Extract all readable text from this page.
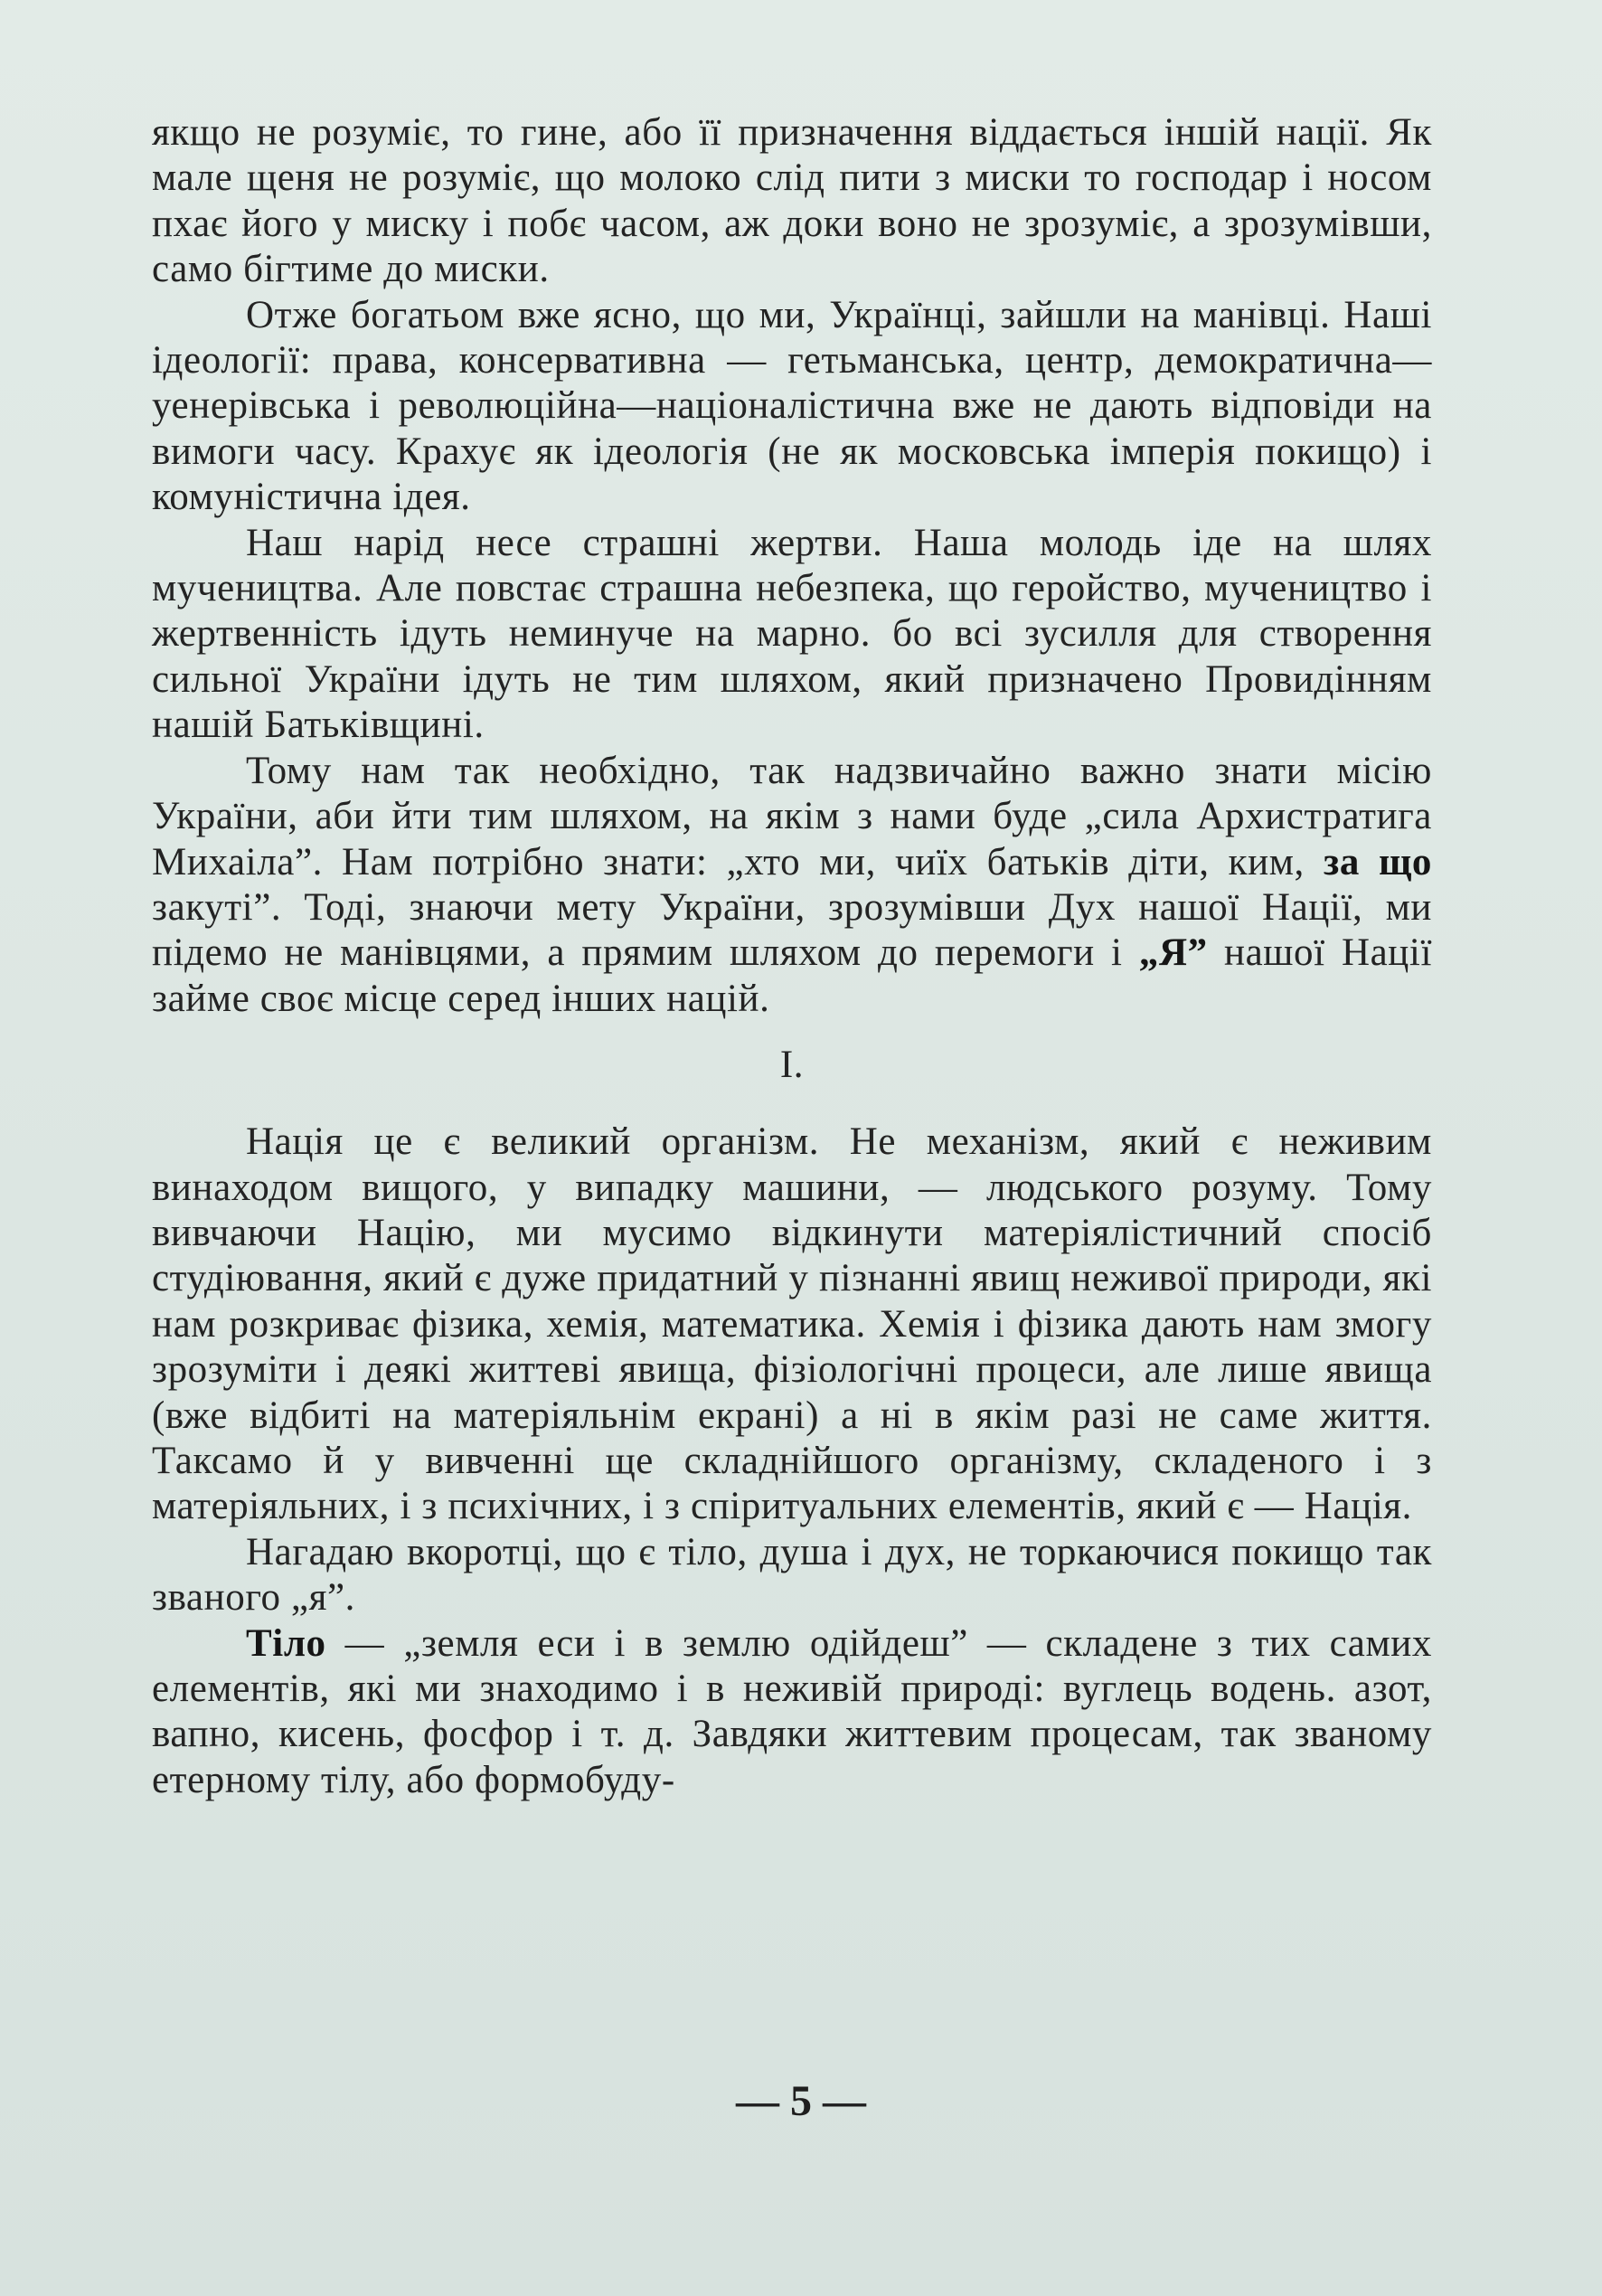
якщо не розуміє, то гине, або її призначення віддається іншій нації. Як мале щеня не розуміє, що молоко слід пити з миски то господар і носом пхає його у миску і побє часом, аж доки воно не зрозуміє, а зрозумівши, само бігтиме до миски.

Отже богатьом вже ясно, що ми, Українці, зайшли на манівці. Наші ідеології: права, консервативна — гетьманська, центр, демократична—уенерівська і революційна—націоналістична вже не дають відповіди на вимоги часу. Крахує як ідеологія (не як московська імперія покищо) і комуністична ідея.

Наш нарід несе страшні жертви. Наша молодь іде на шлях мучеництва. Але повстає страшна небезпека, що геройство, мучеництво і жертвенність ідуть неминуче на марно. бо всі зусилля для створення сильної України ідуть не тим шляхом, який призначено Провидінням нашій Батьківщині.

Тому нам так необхідно, так надзвичайно важно знати місію України, аби йти тим шляхом, на якім з нами буде „сила Архистратига Михаіла”. Нам потрібно знати: „хто ми, чиїх батьків діти, ким, за що закуті”. Тоді, знаючи мету України, зрозумівши Дух нашої Нації, ми підемо не манівцями, а прямим шляхом до перемоги і „Я” нашої Нації займе своє місце серед інших націй.

I.

Нація це є великий організм. Не механізм, який є неживим винаходом вищого, у випадку машини, — людського розуму. Тому вивчаючи Націю, ми мусимо відкинути матеріялістичний спосіб студіювання, який є дуже придатний у пізнанні явищ неживої природи, які нам розкриває фізика, хемія, математика. Хемія і фізика дають нам змогу зрозуміти і деякі життеві явища, фізіологічні процеси, але лише явища (вже відбиті на матеріяльнім екрані) а ні в якім разі не саме життя. Таксамо й у вивченні ще складнійшого організму, складеного і з матеріяльних, і з психічних, і з спіритуальних елементів, який є — Нація.

Нагадаю вкоротці, що є тіло, душа і дух, не торкаючися покищо так званого „я”.

Тіло — „земля еси і в землю одійдеш” — складене з тих самих елементів, які ми знаходимо і в неживій природі: вуглець водень. азот, вапно, кисень, фосфор і т. д. Завдяки життевим процесам, так званому етерному тілу, або формобуду-

— 5 —
